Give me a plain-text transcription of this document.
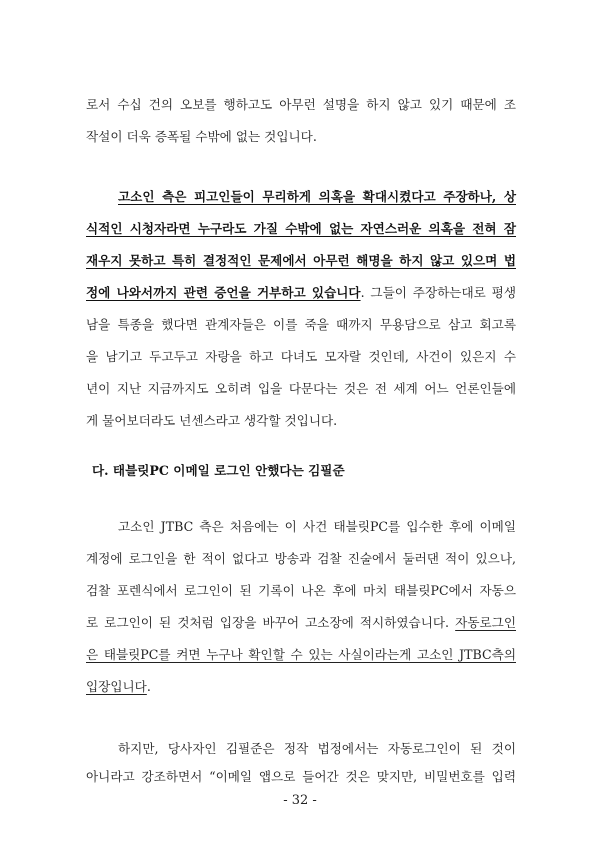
로서 수십 건의 오보를 행하고도 아무런 설명을 하지 않고 있기 때문에 조
작설이 더욱 증폭될 수밖에 없는 것입니다.
고소인 측은 피고인들이 무리하게 의혹을 확대시켰다고 주장하나, 상
식적인 시청자라면 누구라도 가질 수밖에 없는 자연스러운 의혹을 전혀 잠
재우지 못하고 특히 결정적인 문제에서 아무런 해명을 하지 않고 있으며 법
정에 나와서까지 관련 증언을 거부하고 있습니다. 그들이 주장하는대로 평생
남을 특종을 했다면 관계자들은 이를 죽을 때까지 무용담으로 삼고 회고록
을 남기고 두고두고 자랑을 하고 다녀도 모자랄 것인데, 사건이 있은지 수
년이 지난 지금까지도 오히려 입을 다문다는 것은 전 세계 어느 언론인들에
게 물어보더라도 넌센스라고 생각할 것입니다.
다. 태블릿PC 이메일 로그인 안했다는 김필준
고소인 JTBC 측은 처음에는 이 사건 태블릿PC를 입수한 후에 이메일
계정에 로그인을 한 적이 없다고 방송과 검찰 진술에서 둘러댄 적이 있으나,
검찰 포렌식에서 로그인이 된 기록이 나온 후에 마치 태블릿PC에서 자동으
로 로그인이 된 것처럼 입장을 바꾸어 고소장에 적시하였습니다. 자동로그인
은 태블릿PC를 켜면 누구나 확인할 수 있는 사실이라는게 고소인 JTBC측의
입장입니다.
하지만, 당사자인 김필준은 정작 법정에서는 자동로그인이 된 것이
아니라고 강조하면서 “이메일 앱으로 들어간 것은 맞지만, 비밀번호를 입력
- 32 -
